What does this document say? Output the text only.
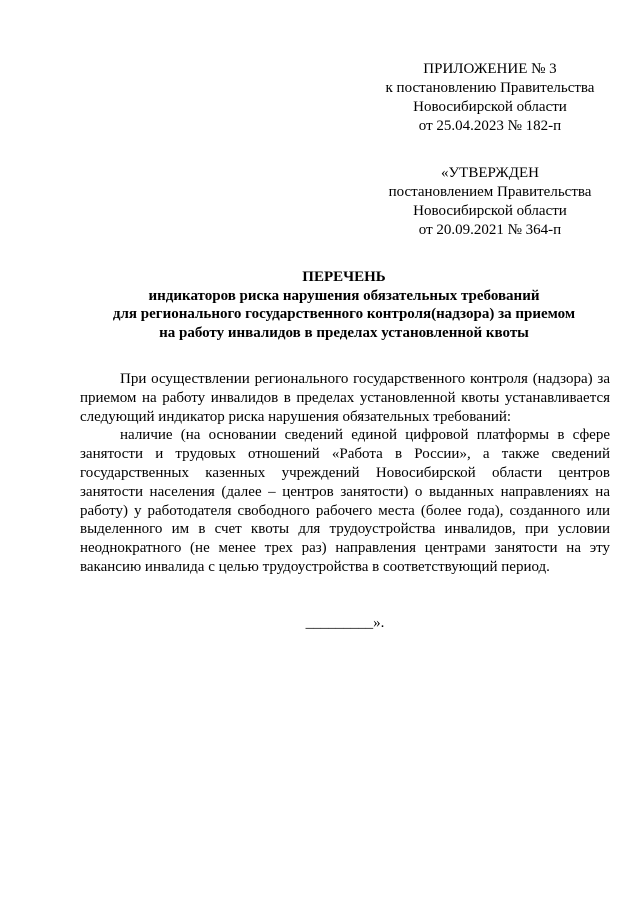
ПРИЛОЖЕНИЕ № 3
к постановлению Правительства
Новосибирской области
от 25.04.2023 № 182-п
«УТВЕРЖДЕН
постановлением Правительства
Новосибирской области
от 20.09.2021 № 364-п
ПЕРЕЧЕНЬ
индикаторов риска нарушения обязательных требований
для регионального государственного контроля(надзора) за приемом
на работу инвалидов в пределах установленной квоты

При осуществлении регионального государственного контроля (надзора) за приемом на работу инвалидов в пределах установленной квоты устанавливается следующий индикатор риска нарушения обязательных требований:

наличие (на основании сведений единой цифровой платформы в сфере занятости и трудовых отношений «Работа в России», а также сведений государственных казенных учреждений Новосибирской области центров занятости населения (далее – центров занятости) о выданных направлениях на работу) у работодателя свободного рабочего места (более года), созданного или выделенного им в счет квоты для трудоустройства инвалидов, при условии неоднократного (не менее трех раз) направления центрами занятости на эту вакансию инвалида с целью трудоустройства в соответствующий период.

_________».
